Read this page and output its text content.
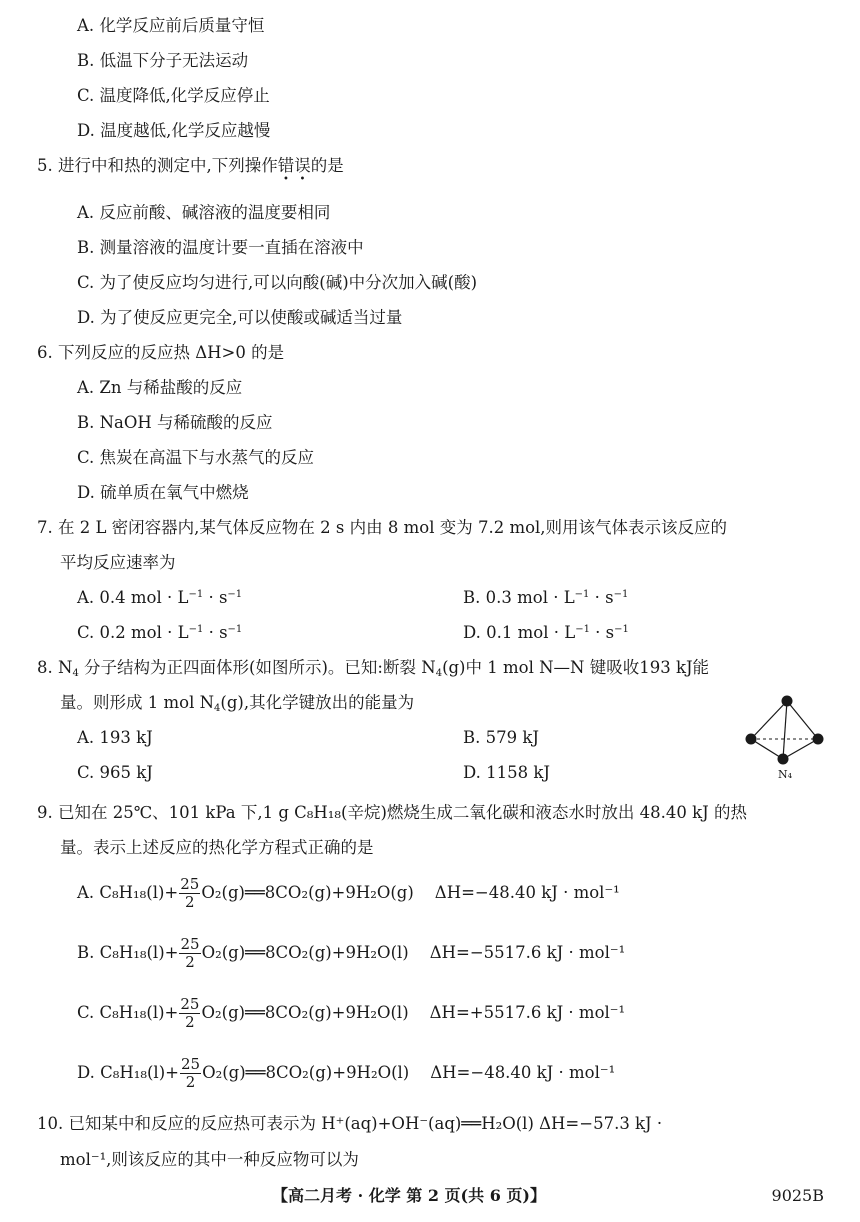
A. 化学反应前后质量守恒
B. 低温下分子无法运动
C. 温度降低,化学反应停止
D. 温度越低,化学反应越慢
5. 进行中和热的测定中,下列操作错误的是
A. 反应前酸、碱溶液的温度要相同
B. 测量溶液的温度计要一直插在溶液中
C. 为了使反应均匀进行,可以向酸(碱)中分次加入碱(酸)
D. 为了使反应更完全,可以使酸或碱适当过量
6. 下列反应的反应热 ΔH>0 的是
A. Zn 与稀盐酸的反应
B. NaOH 与稀硫酸的反应
C. 焦炭在高温下与水蒸气的反应
D. 硫单质在氧气中燃烧
7. 在 2 L 密闭容器内,某气体反应物在 2 s 内由 8 mol 变为 7.2 mol,则用该气体表示该反应的
平均反应速率为
A. 0.4 mol · $L^{-1} \cdot s^{-1}$	B. 0.3 mol · $L^{-1} \cdot s^{-1}$
C. 0.2 mol · $L^{-1} \cdot s^{-1}$	D. 0.1 mol · $L^{-1} \cdot s^{-1}$
8. $N_4$ 分子结构为正四面体形(如图所示)。已知:断裂 $N_4(g)$中 1 mol N—N 键吸收193 kJ能
量。则形成 1 mol $N_4(g)$,其化学键放出的能量为
A. 193 kJ	B. 579 kJ
C. 965 kJ	D. 1158 kJ	N₄
9. 已知在 25℃、101 kPa 下,1 g C₈H₁₈(辛烷)燃烧生成二氧化碳和液态水时放出 48.40 kJ 的热
量。表示上述反应的热化学方程式正确的是
A. $C_8H_{18}(l)+ \frac{25}{2}$ O₂(g)══8CO₂(g)+9H₂O(g) ΔH=−48.40 kJ · mol⁻¹
B. $C_8H_{18}(l)+ \frac{25}{2}$ O₂(g)══8CO₂(g)+9H₂O(l) ΔH=−5517.6 kJ · mol⁻¹
C. $C_8H_{18}(l)+ \frac{25}{2}$ O₂(g)══8CO₂(g)+9H₂O(l) ΔH=+5517.6 kJ · mol⁻¹
D. $C_8H_{18}(l)+ \frac{25}{2}$ O₂(g)══8CO₂(g)+9H₂O(l) ΔH=−48.40 kJ · mol⁻¹
10. 已知某中和反应的反应热可表示为 H⁺(aq)+OH⁻(aq)══H₂O(l) ΔH=−57.3 kJ ·
mol⁻¹,则该反应的其中一种反应物可以为
【高二月考 · 化学 第 2 页(共 6 页)】	9025B
